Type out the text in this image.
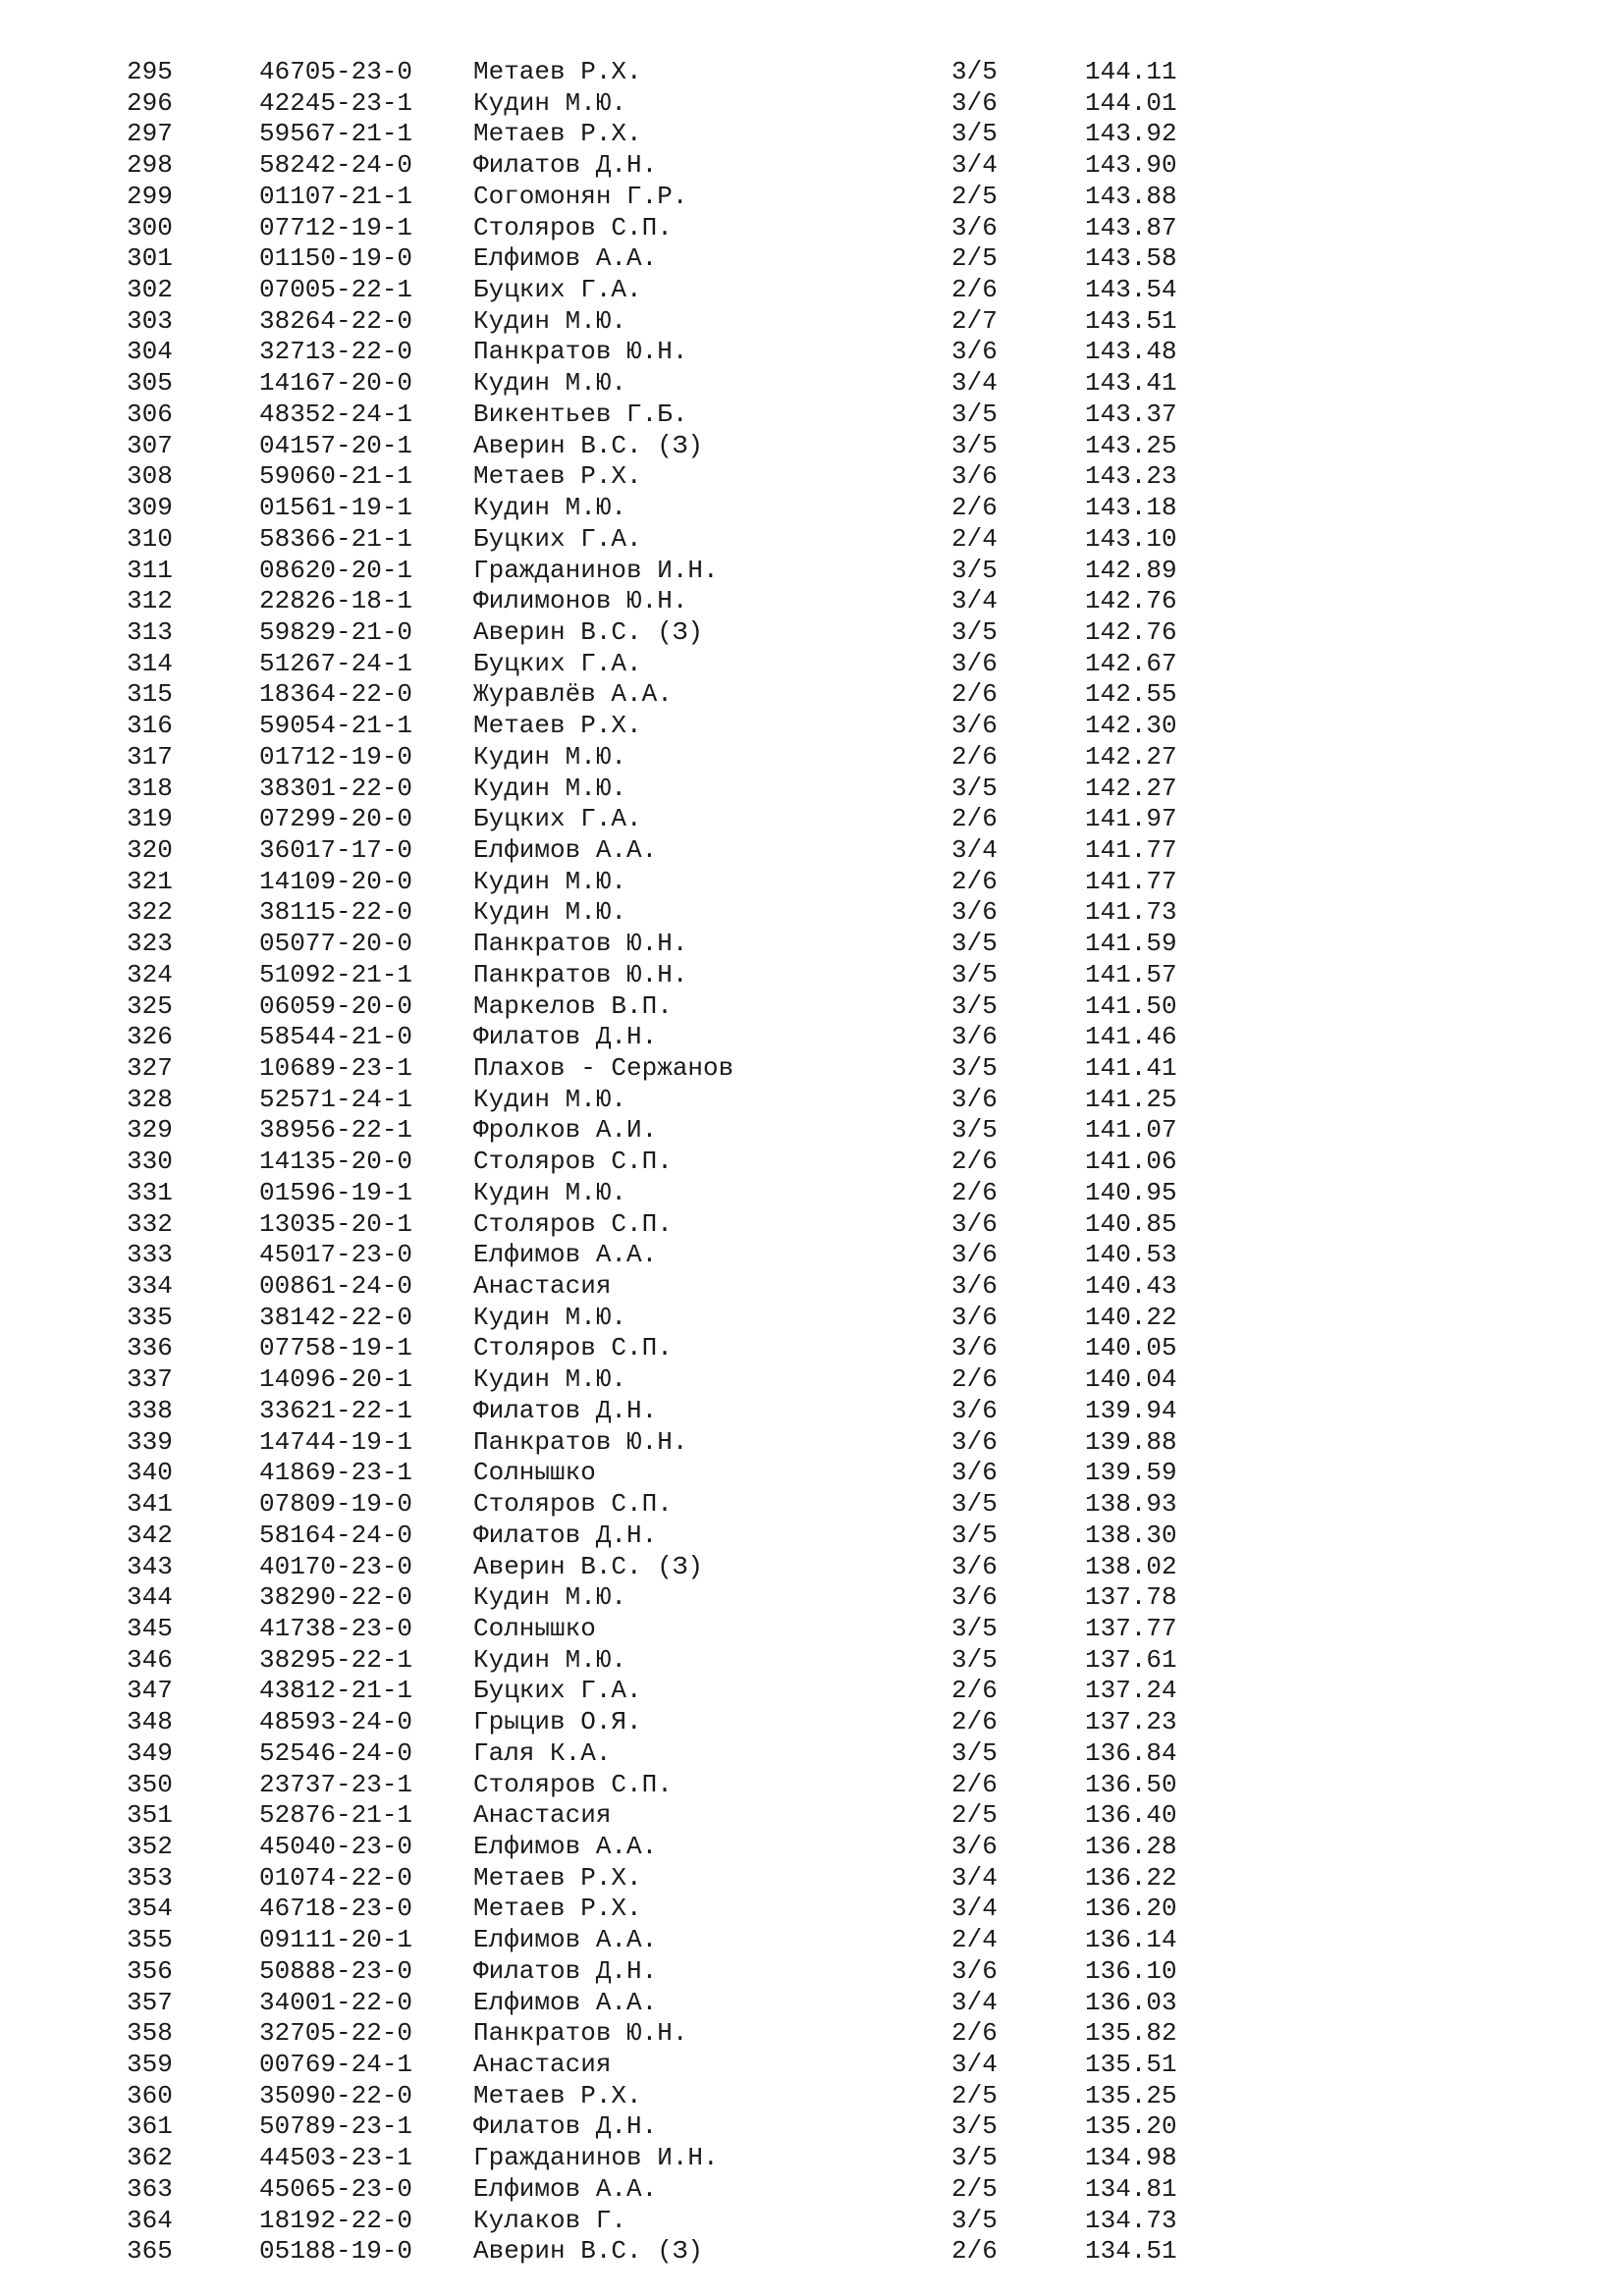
295	46705-23-0 Метаев Р.Х.	3/5	144.11
296	42245-23-1 Кудин М.Ю.	3/6	144.01
297	59567-21-1 Метаев Р.Х.	3/5	143.92
298	58242-24-0 Филатов Д.Н.	3/4	143.90
299	01107-21-1 Согомонян Г.Р.	2/5	143.88
300	07712-19-1 Столяров С.П.	3/6	143.87
301	01150-19-0 Елфимов А.А.	2/5	143.58
302	07005-22-1 Буцких Г.А.	2/6	143.54
303	38264-22-0 Кудин М.Ю.	2/7	143.51
304	32713-22-0 Панкратов Ю.Н.	3/6	143.48
305	14167-20-0 Кудин М.Ю.	3/4	143.41
306	48352-24-1 Викентьев Г.Б.	3/5	143.37
307	04157-20-1 Аверин В.С. (З)	3/5	143.25
308	59060-21-1 Метаев Р.Х.	3/6	143.23
309	01561-19-1 Кудин М.Ю.	2/6	143.18
310	58366-21-1 Буцких Г.А.	2/4	143.10
311	08620-20-1 Гражданинов И.Н.	3/5	142.89
312	22826-18-1 Филимонов Ю.Н.	3/4	142.76
313	59829-21-0 Аверин В.С. (З)	3/5	142.76
314	51267-24-1 Буцких Г.А.	3/6	142.67
315	18364-22-0 Журавлёв А.А.	2/6	142.55
316	59054-21-1 Метаев Р.Х.	3/6	142.30
317	01712-19-0 Кудин М.Ю.	2/6	142.27
318	38301-22-0 Кудин М.Ю.	3/5	142.27
319	07299-20-0 Буцких Г.А.	2/6	141.97
320	36017-17-0 Елфимов А.А.	3/4	141.77
321	14109-20-0 Кудин М.Ю.	2/6	141.77
322	38115-22-0 Кудин М.Ю.	3/6	141.73
323	05077-20-0 Панкратов Ю.Н.	3/5	141.59
324	51092-21-1 Панкратов Ю.Н.	3/5	141.57
325	06059-20-0 Маркелов В.П.	3/5	141.50
326	58544-21-0 Филатов Д.Н.	3/6	141.46
327	10689-23-1 Плахов - Сержанов	3/5	141.41
328	52571-24-1 Кудин М.Ю.	3/6	141.25
329	38956-22-1 Фролков А.И.	3/5	141.07
330	14135-20-0 Столяров С.П.	2/6	141.06
331	01596-19-1 Кудин М.Ю.	2/6	140.95
332	13035-20-1 Столяров С.П.	3/6	140.85
333	45017-23-0 Елфимов А.А.	3/6	140.53
334	00861-24-0 Анастасия	3/6	140.43
335	38142-22-0 Кудин М.Ю.	3/6	140.22
336	07758-19-1 Столяров С.П.	3/6	140.05
337	14096-20-1 Кудин М.Ю.	2/6	140.04
338	33621-22-1 Филатов Д.Н.	3/6	139.94
339	14744-19-1 Панкратов Ю.Н.	3/6	139.88
340	41869-23-1 Солнышко	3/6	139.59
341	07809-19-0 Столяров С.П.	3/5	138.93
342	58164-24-0 Филатов Д.Н.	3/5	138.30
343	40170-23-0 Аверин В.С. (З)	3/6	138.02
344	38290-22-0 Кудин М.Ю.	3/6	137.78
345	41738-23-0 Солнышко	3/5	137.77
346	38295-22-1 Кудин М.Ю.	3/5	137.61
347	43812-21-1 Буцких Г.А.	2/6	137.24
348	48593-24-0 Грыцив О.Я.	2/6	137.23
349	52546-24-0 Галя К.А.	3/5	136.84
350	23737-23-1 Столяров С.П.	2/6	136.50
351	52876-21-1 Анастасия	2/5	136.40
352	45040-23-0 Елфимов А.А.	3/6	136.28
353	01074-22-0 Метаев Р.Х.	3/4	136.22
354	46718-23-0 Метаев Р.Х.	3/4	136.20
355	09111-20-1 Елфимов А.А.	2/4	136.14
356	50888-23-0 Филатов Д.Н.	3/6	136.10
357	34001-22-0 Елфимов А.А.	3/4	136.03
358	32705-22-0 Панкратов Ю.Н.	2/6	135.82
359	00769-24-1 Анастасия	3/4	135.51
360	35090-22-0 Метаев Р.Х.	2/5	135.25
361	50789-23-1 Филатов Д.Н.	3/5	135.20
362	44503-23-1 Гражданинов И.Н.	3/5	134.98
363	45065-23-0 Елфимов А.А.	2/5	134.81
364	18192-22-0 Кулаков Г.	3/5	134.73
365	05188-19-0 Аверин В.С. (З)	2/6	134.51
